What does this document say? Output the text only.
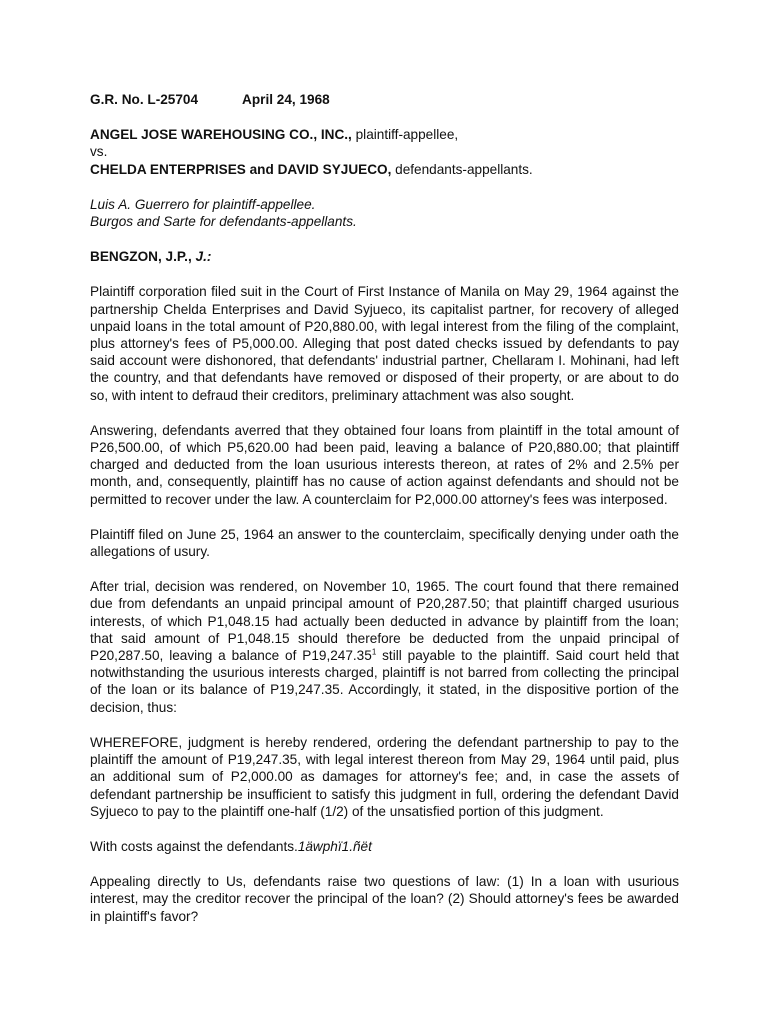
G.R. No. L-25704	April 24, 1968

ANGEL JOSE WAREHOUSING CO., INC., plaintiff-appellee,

vs.

CHELDA ENTERPRISES and DAVID SYJUECO, defendants-appellants.

Luis A. Guerrero for plaintiff-appellee.

Burgos and Sarte for defendants-appellants.

BENGZON, J.P., J.:

Plaintiff corporation filed suit in the Court of First Instance of Manila on May 29, 1964 against the partnership Chelda Enterprises and David Syjueco, its capitalist partner, for recovery of alleged unpaid loans in the total amount of P20,880.00, with legal interest from the filing of the complaint, plus attorney's fees of P5,000.00. Alleging that post dated checks issued by defendants to pay said account were dishonored, that defendants' industrial partner, Chellaram I. Mohinani, had left the country, and that defendants have removed or disposed of their property, or are about to do so, with intent to defraud their creditors, preliminary attachment was also sought.

Answering, defendants averred that they obtained four loans from plaintiff in the total amount of P26,500.00, of which P5,620.00 had been paid, leaving a balance of P20,880.00; that plaintiff charged and deducted from the loan usurious interests thereon, at rates of 2% and 2.5% per month, and, consequently, plaintiff has no cause of action against defendants and should not be permitted to recover under the law. A counterclaim for P2,000.00 attorney's fees was interposed.

Plaintiff filed on June 25, 1964 an answer to the counterclaim, specifically denying under oath the allegations of usury.

After trial, decision was rendered, on November 10, 1965. The court found that there remained due from defendants an unpaid principal amount of P20,287.50; that plaintiff charged usurious interests, of which P1,048.15 had actually been deducted in advance by plaintiff from the loan; that said amount of P1,048.15 should therefore be deducted from the unpaid principal of P20,287.50, leaving a balance of P19,247.35$^1$ still payable to the plaintiff. Said court held that notwithstanding the usurious interests charged, plaintiff is not barred from collecting the principal of the loan or its balance of P19,247.35. Accordingly, it stated, in the dispositive portion of the decision, thus:

WHEREFORE, judgment is hereby rendered, ordering the defendant partnership to pay to the plaintiff the amount of P19,247.35, with legal interest thereon from May 29, 1964 until paid, plus an additional sum of P2,000.00 as damages for attorney's fee; and, in case the assets of defendant partnership be insufficient to satisfy this judgment in full, ordering the defendant David Syjueco to pay to the plaintiff one-half (1/2) of the unsatisfied portion of this judgment.

With costs against the defendants.1äwphï1.ñët

Appealing directly to Us, defendants raise two questions of law: (1) In a loan with usurious interest, may the creditor recover the principal of the loan? (2) Should attorney's fees be awarded in plaintiff's favor?
